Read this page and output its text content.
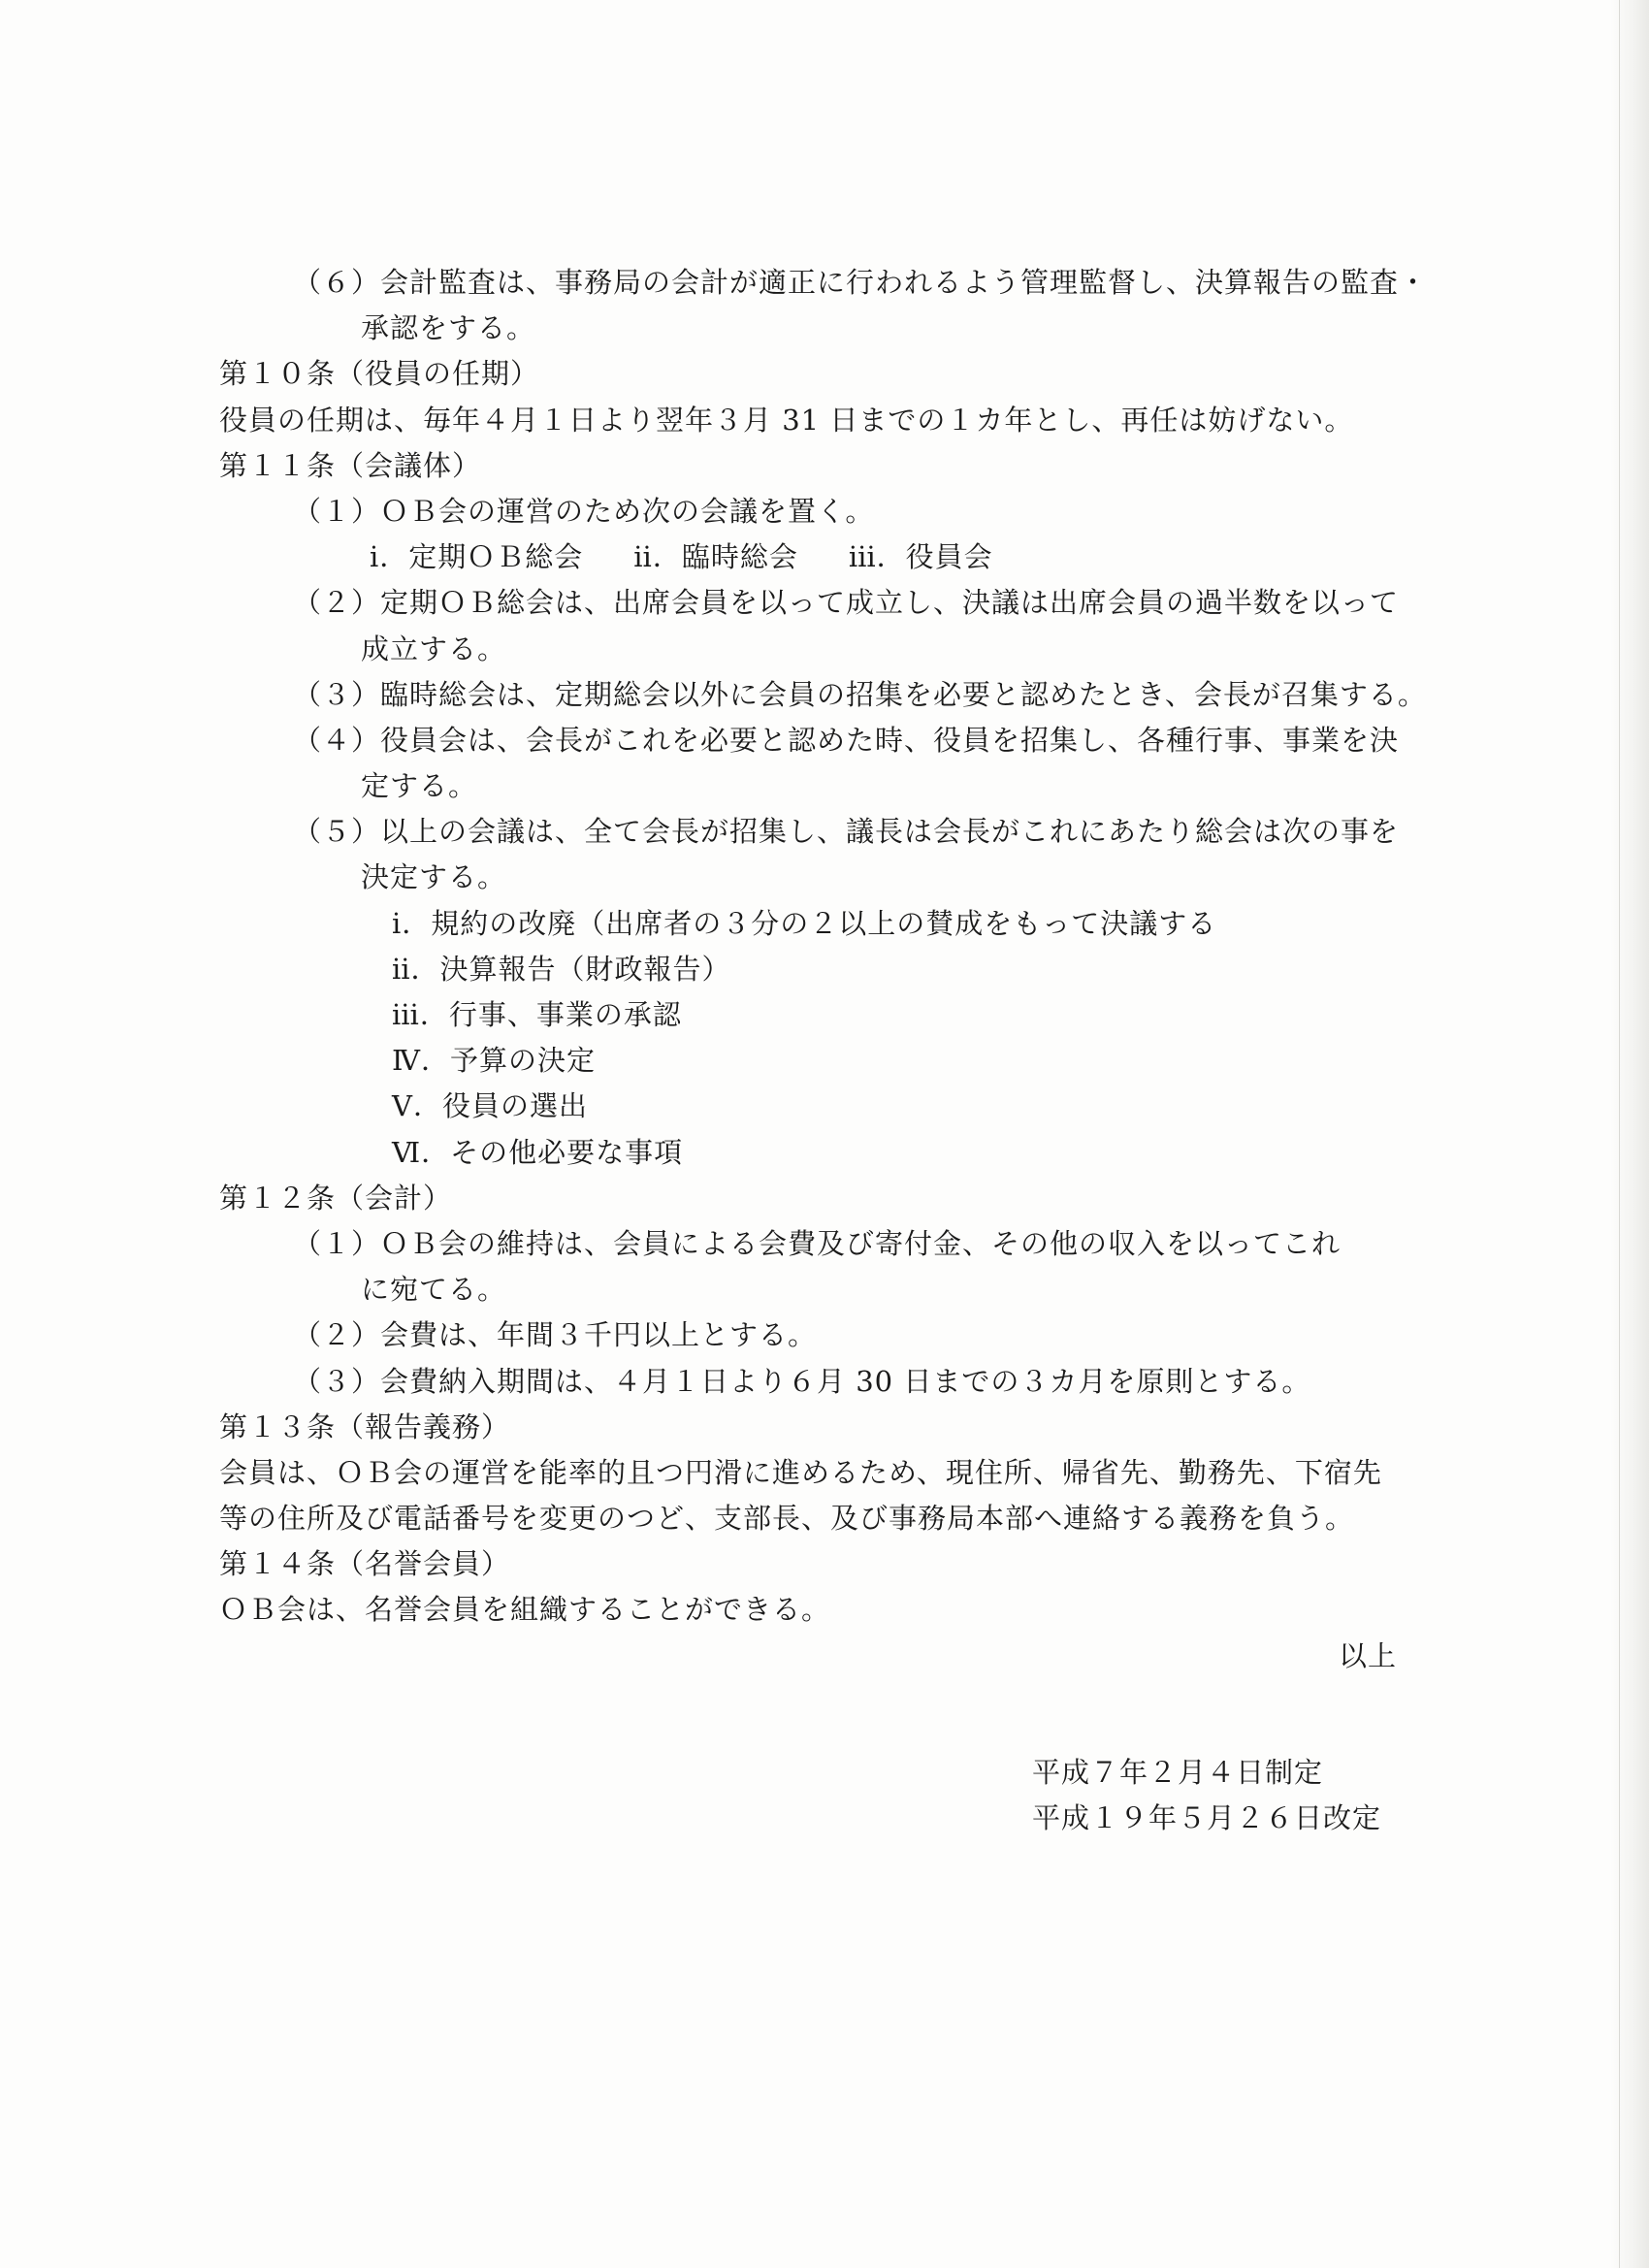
（６）会計監査は、事務局の会計が適正に行われるよう管理監督し、決算報告の監査・
承認をする。
第１０条（役員の任期）
役員の任期は、毎年４月１日より翌年３月 31 日までの１カ年とし、再任は妨げない。
第１１条（会議体）
（１）ＯＢ会の運営のため次の会議を置く。
ⅰ．定期ＯＢ総会 ⅱ．臨時総会 ⅲ．役員会
（２）定期ＯＢ総会は、出席会員を以って成立し、決議は出席会員の過半数を以って
成立する。
（３）臨時総会は、定期総会以外に会員の招集を必要と認めたとき、会長が召集する。
（４）役員会は、会長がこれを必要と認めた時、役員を招集し、各種行事、事業を決
定する。
（５）以上の会議は、全て会長が招集し、議長は会長がこれにあたり総会は次の事を
決定する。
ⅰ．規約の改廃（出席者の３分の２以上の賛成をもって決議する
ⅱ．決算報告（財政報告）
ⅲ．行事、事業の承認
Ⅳ．予算の決定
Ⅴ．役員の選出
Ⅵ．その他必要な事項
第１２条（会計）
（１）ＯＢ会の維持は、会員による会費及び寄付金、その他の収入を以ってこれ
に宛てる。
（２）会費は、年間３千円以上とする。
（３）会費納入期間は、４月１日より６月 30 日までの３カ月を原則とする。
第１３条（報告義務）
会員は、ＯＢ会の運営を能率的且つ円滑に進めるため、現住所、帰省先、勤務先、下宿先
等の住所及び電話番号を変更のつど、支部長、及び事務局本部へ連絡する義務を負う。
第１４条（名誉会員）
ＯＢ会は、名誉会員を組織することができる。
以上
平成７年２月４日制定
平成１９年５月２６日改定
